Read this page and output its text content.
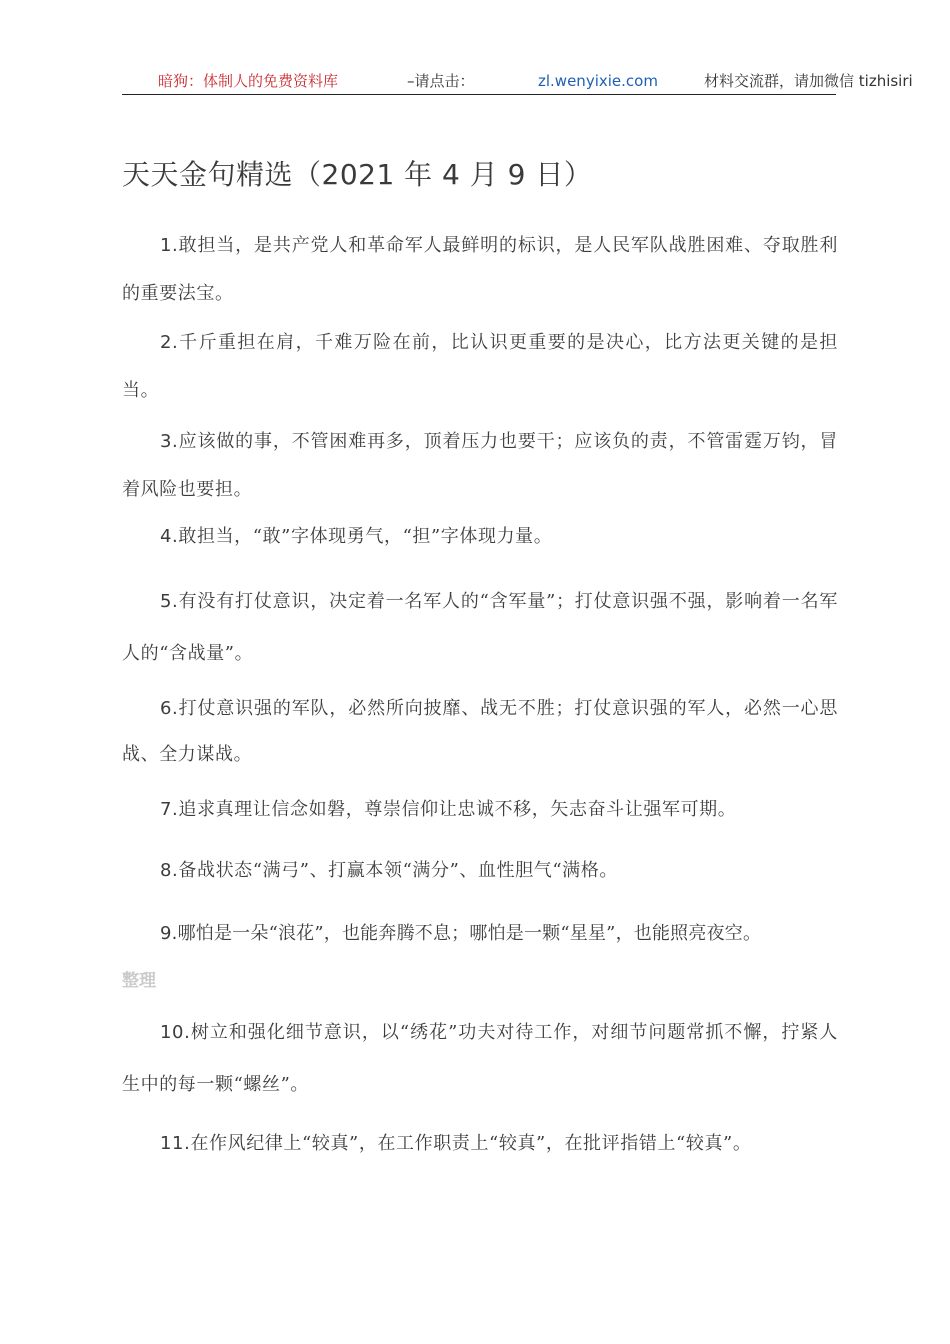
暗狗：体制人的免费资料库	–请点击：	zl.wenyixie.com	材料交流群，请加微信 tizhisiri
天天金句精选（2021 年 4 月 9 日）
1.敢担当，是共产党人和革命军人最鲜明的标识，是人民军队战胜困难、夺取胜利的重要法宝。
2.千斤重担在肩，千难万险在前，比认识更重要的是决心，比方法更关键的是担当。
3.应该做的事，不管困难再多，顶着压力也要干；应该负的责，不管雷霆万钧，冒着风险也要担。
4.敢担当，“敢”字体现勇气，“担”字体现力量。
5.有没有打仗意识，决定着一名军人的“含军量”；打仗意识强不强，影响着一名军人的“含战量”。
6.打仗意识强的军队，必然所向披靡、战无不胜；打仗意识强的军人，必然一心思战、全力谋战。
7.追求真理让信念如磐，尊崇信仰让忠诚不移，矢志奋斗让强军可期。
8.备战状态“满弓”、打赢本领“满分”、血性胆气“满格。
9.哪怕是一朵“浪花”，也能奔腾不息；哪怕是一颗“星星”，也能照亮夜空。
整理
10.树立和强化细节意识，以“绣花”功夫对待工作，对细节问题常抓不懈，拧紧人生中的每一颗“螺丝”。
11.在作风纪律上“较真”，在工作职责上“较真”，在批评指错上“较真”。
